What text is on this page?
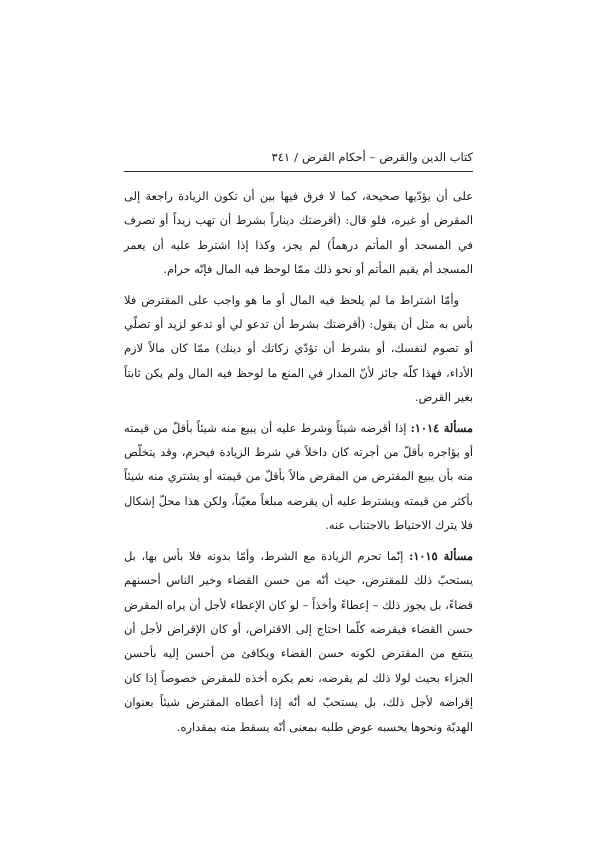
كتاب الدين والقرض
–
أحكام القرض
/
٣٤١

على أن يؤدّيها صحيحة، كما لا فرق فيها بين أن تكون الزيادة راجعة إلى المقرض أو غيره، فلو قال: (أقرضتك ديناراً بشرط أن تهب زيداً أو تصرف في المسجد أو المأتم درهماً) لم يجز، وكذا إذا اشترط عليه أن يعمر المسجد أم يقيم المأتم أو نحو ذلك ممّا لوحظ فيه المال فإنّه حرام.

وأمّا اشتراط ما لم يلحظ فيه المال أو ما هو واجب على المقترض فلا بأس به مثل أن يقول: (أقرضتك بشرط أن تدعو لي أو تدعو لزيد أو تصلّي أو تصوم لنفسك، أو بشرط أن تؤدّي زكاتك أو دينك) ممّا كان مالاً لازم الأداء، فهذا كلّه جائز لأنّ المدار في المنع ما لوحظ فيه المال ولم يكن ثابتاً بغير القرض.

مسألة ١٠١٤: إذا أقرضه شيئاً وشرط عليه أن يبيع منه شيئاً بأقلّ من قيمته أو يؤاجره بأقلّ من أجرته كان داخلاً في شرط الزيادة فيحرم، وقد يتخلّص منه بأن يبيع المقترض من المقرض مالاً بأقلّ من قيمته أو يشتري منه شيئاً بأكثر من قيمته ويشترط عليه أن يقرضه مبلغاً معيّناً، ولكن هذا محلّ إشكال فلا يترك الاحتياط بالاجتناب عنه.

مسألة ١٠١٥: إنّما تحرم الزيادة مع الشرط، وأمّا بدونه فلا بأس بها، بل يستحبّ ذلك للمقترض، حيث أنّه من حسن القضاء وخير الناس أحسنهم قضاءً، بل يجوز ذلك – إعطاءً وأخذاً – لو كان الإعطاء لأجل أن يراه المقرض حسن القضاء فيقرضه كلّما احتاج إلى الاقتراض، أو كان الإقراض لأجل أن ينتفع من المقترض لكونه حسن القضاء ويكافئ من أحسن إليه بأحسن الجزاء بحيث لولا ذلك لم يقرضه، نعم يكره أخذه للمقرض خصوصاً إذا كان إقراضه لأجل ذلك، بل يستحبّ له أنّه إذا أعطاه المقترض شيئاً بعنوان الهديّة ونحوها يحسبه عوض طلبه بمعنى أنّه يسقط منه بمقداره.
